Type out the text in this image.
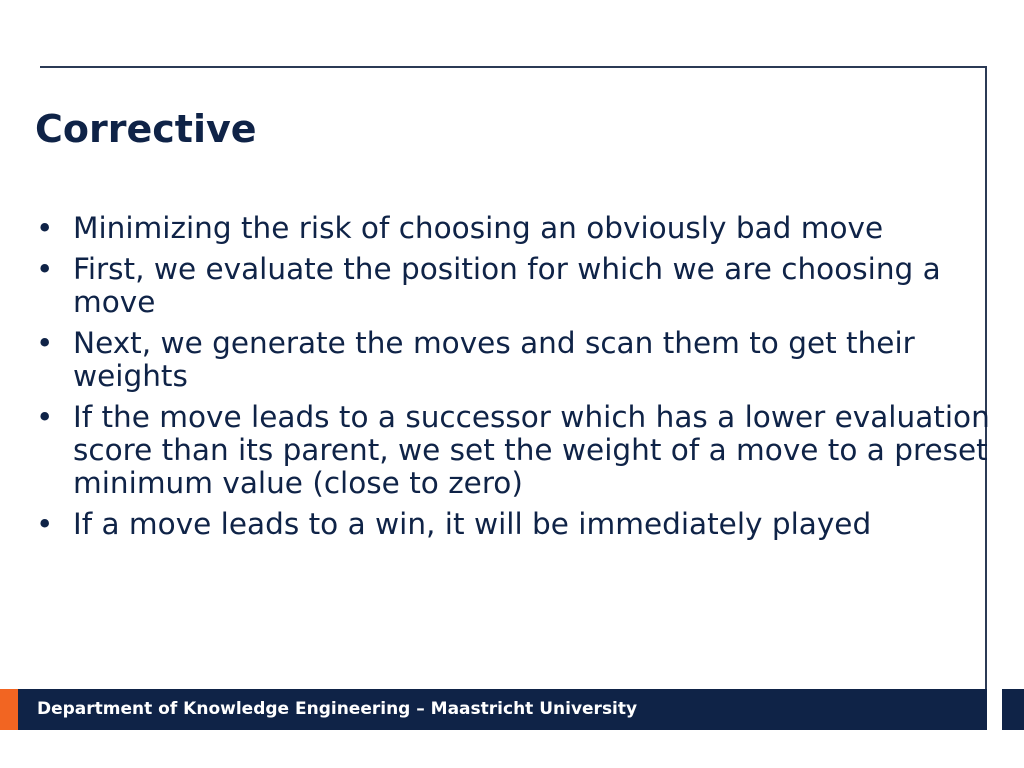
Corrective
• Minimizing the risk of choosing an obviously bad move
• First, we evaluate the position for which we are choosing a move
• Next, we generate the moves and scan them to get their weights
• If the move leads to a successor which has a lower evaluation score than its parent, we set the weight of a move to a preset minimum value (close to zero)
• If a move leads to a win, it will be immediately played
Department of Knowledge Engineering – Maastricht University
